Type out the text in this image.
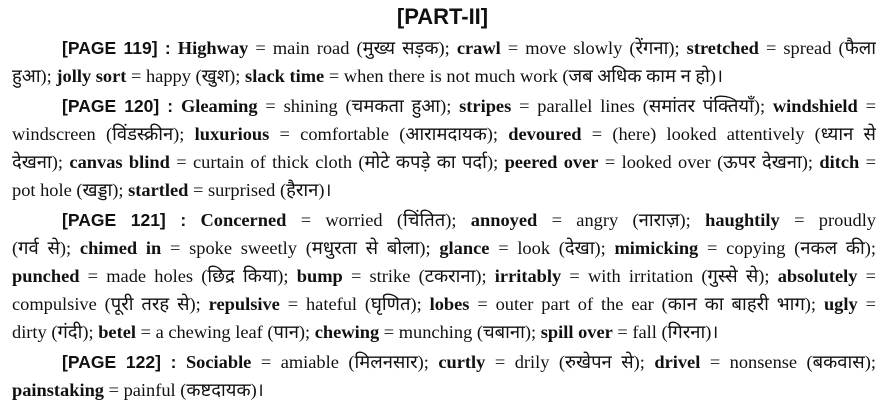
[PART-II]
[PAGE 119] : Highway = main road (मुख्य सड़क); crawl = move slowly (रेंगना); stretched = spread (फैला
हुआ); jolly sort = happy (खुश); slack time = when there is not much work (जब अधिक काम न हो)।
[PAGE 120] : Gleaming = shining (चमकता हुआ); stripes = parallel lines (समांतर पंक्तियाँ); windshield =
windscreen (विंडस्क्रीन); luxurious = comfortable (आरामदायक); devoured = (here) looked attentively (ध्यान से
देखना); canvas blind = curtain of thick cloth (मोटे कपड़े का पर्दा); peered over = looked over (ऊपर देखना); ditch =
pot hole (खड्डा); startled = surprised (हैरान)।
[PAGE 121] : Concerned = worried (चिंतित); annoyed = angry (नाराज़); haughtily = proudly
(गर्व से); chimed in = spoke sweetly (मधुरता से बोला); glance = look (देखा); mimicking = copying (नकल की);
punched = made holes (छिद्र किया); bump = strike (टकराना); irritably = with irritation (गुस्से से); absolutely =
compulsive (पूरी तरह से); repulsive = hateful (घृणित); lobes = outer part of the ear (कान का बाहरी भाग); ugly =
dirty (गंदी); betel = a chewing leaf (पान); chewing = munching (चबाना); spill over = fall (गिरना)।
[PAGE 122] : Sociable = amiable (मिलनसार); curtly = drily (रुखेपन से); drivel = nonsense (बकवास);
painstaking = painful (कष्टदायक)।
